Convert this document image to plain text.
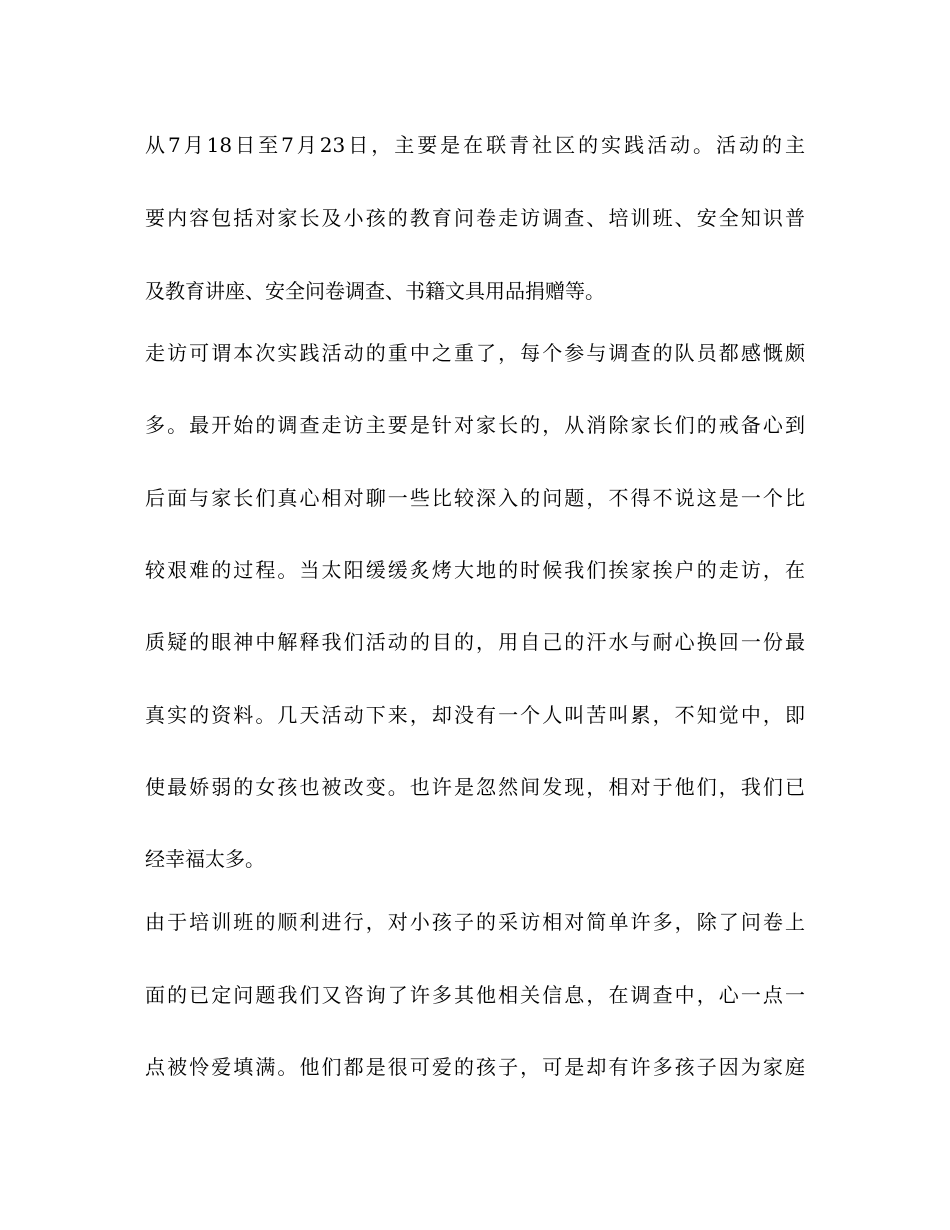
从7月18日至7月23日，主要是在联青社区的实践活动。活动的主
要内容包括对家长及小孩的教育问卷走访调查、培训班、安全知识普
及教育讲座、安全问卷调查、书籍文具用品捐赠等。
走访可谓本次实践活动的重中之重了，每个参与调查的队员都感慨颇
多。最开始的调查走访主要是针对家长的，从消除家长们的戒备心到
后面与家长们真心相对聊一些比较深入的问题，不得不说这是一个比
较艰难的过程。当太阳缓缓炙烤大地的时候我们挨家挨户的走访，在
质疑的眼神中解释我们活动的目的，用自己的汗水与耐心换回一份最
真实的资料。几天活动下来，却没有一个人叫苦叫累，不知觉中，即
使最娇弱的女孩也被改变。也许是忽然间发现，相对于他们，我们已
经幸福太多。
由于培训班的顺利进行，对小孩子的采访相对简单许多，除了问卷上
面的已定问题我们又咨询了许多其他相关信息，在调查中，心一点一
点被怜爱填满。他们都是很可爱的孩子，可是却有许多孩子因为家庭
